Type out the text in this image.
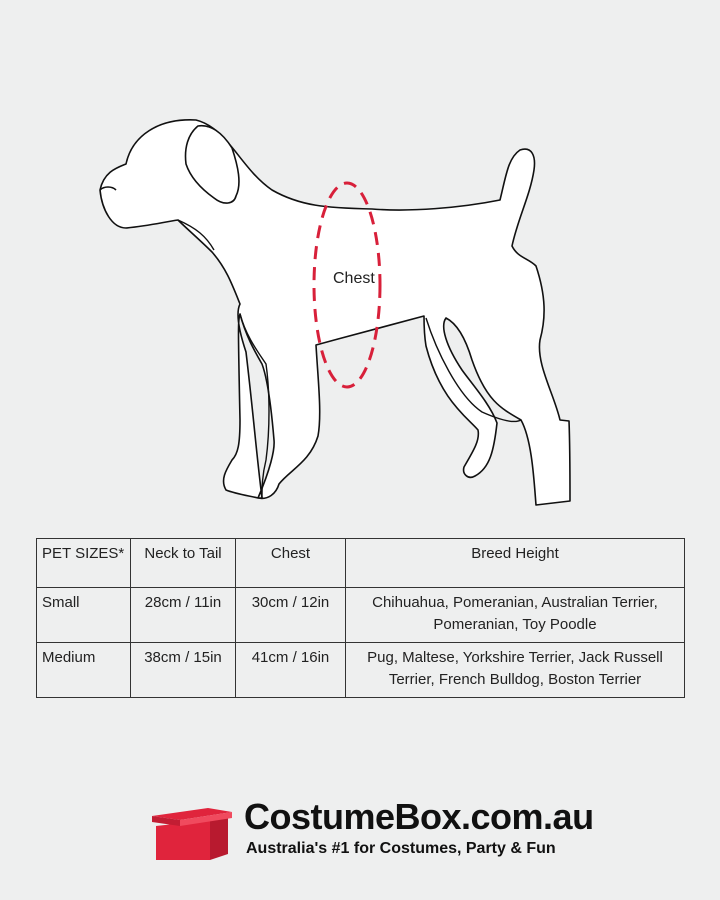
Chest
PET SIZES*	Neck to Tail	Chest	Breed Height
Small	28cm / 11in	30cm / 12in	Chihuahua, Pomeranian, Australian Terrier, Pomeranian, Toy Poodle
Medium	38cm / 15in	41cm / 16in	Pug, Maltese, Yorkshire Terrier, Jack Russell Terrier, French Bulldog, Boston Terrier
CostumeBox.com.au
Australia's #1 for Costumes, Party & Fun
